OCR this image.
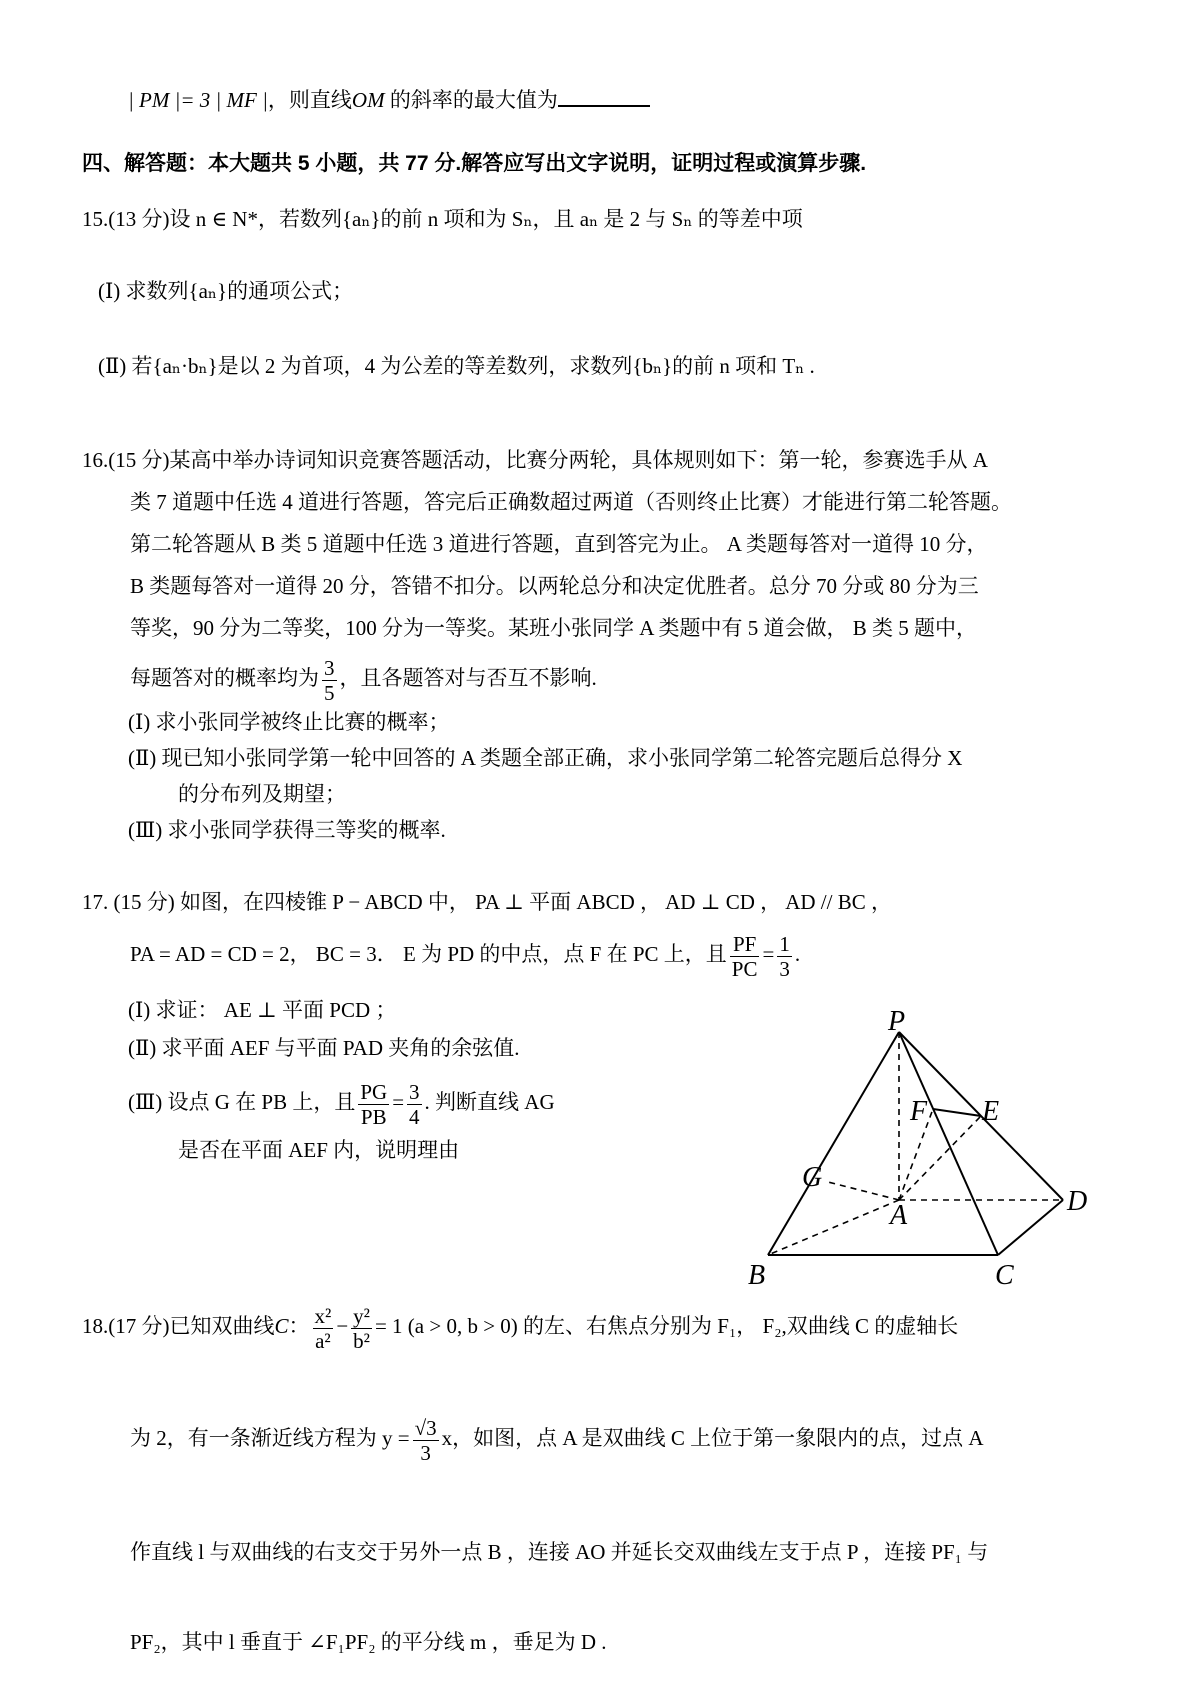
| PM |= 3 | MF |，则直线OM 的斜率的最大值为
四、解答题：本大题共 5 小题，共 77 分.解答应写出文字说明，证明过程或演算步骤.
15.(13 分)设 n ∈ N*，若数列{aₙ}的前 n 项和为 Sₙ，且 aₙ 是 2 与 Sₙ 的等差中项
(Ⅰ) 求数列{aₙ}的通项公式；
(Ⅱ) 若{aₙ·bₙ}是以 2 为首项，4 为公差的等差数列，求数列{bₙ}的前 n 项和 Tₙ .
16.(15 分)某高中举办诗词知识竞赛答题活动，比赛分两轮，具体规则如下：第一轮，参赛选手从 A
类 7 道题中任选 4 道进行答题，答完后正确数超过两道（否则终止比赛）才能进行第二轮答题。
第二轮答题从 B 类 5 道题中任选 3 道进行答题，直到答完为止。 A 类题每答对一道得 10 分，
B 类题每答对一道得 20 分，答错不扣分。以两轮总分和决定优胜者。总分 70 分或 80 分为三
等奖，90 分为二等奖，100 分为一等奖。某班小张同学 A 类题中有 5 道会做， B 类 5 题中，
每题答对的概率均为 $\frac{3}{5}$ ，且各题答对与否互不影响.
(Ⅰ) 求小张同学被终止比赛的概率；
(Ⅱ) 现已知小张同学第一轮中回答的 A 类题全部正确，求小张同学第二轮答完题后总得分 X
的分布列及期望；
(Ⅲ) 求小张同学获得三等奖的概率.
17. (15 分) 如图，在四棱锥 P − ABCD 中， PA ⊥ 平面 ABCD ， AD ⊥ CD ， AD // BC ，
PA = AD = CD = 2， BC = 3． E 为 PD 的中点，点 F 在 PC 上，且 $\frac{PF}{PC} = \frac{1}{3}$ .
(Ⅰ) 求证： AE ⊥ 平面 PCD ；
(Ⅱ) 求平面 AEF 与平面 PAD 夹角的余弦值.
(Ⅲ) 设点 G 在 PB 上，且 $\frac{PG}{PB} = \frac{3}{4}$ . 判断直线 AG
是否在平面 AEF 内，说明理由
P
E
F
G
A	D
B	C
18.(17 分)已知双曲线C： $\frac{\text{x²}}{\text{a²}} - \frac{\text{y²}}{\text{b²}} = 1$ (a > 0, b > 0) 的左、右焦点分别为 F₁， F₂,双曲线 C 的虚轴长
为 2，有一条渐近线方程为 $y = \frac{√3}{3}$ x，如图，点 A 是双曲线 C 上位于第一象限内的点，过点 A
作直线 l 与双曲线的右支交于另外一点 B ，连接 AO 并延长交双曲线左支于点 P ，连接 PF₁ 与
PF₂，其中 l 垂直于 ∠F₁PF₂ 的平分线 m ，垂足为 D .
